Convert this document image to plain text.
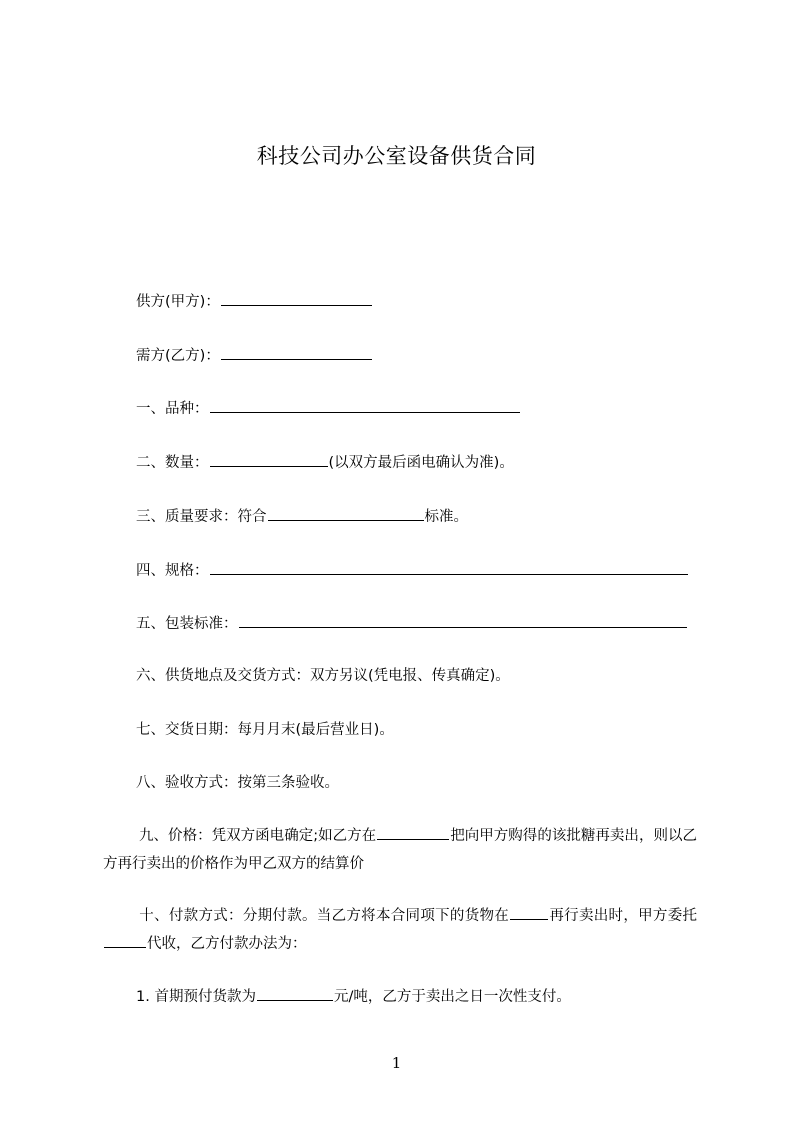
科技公司办公室设备供货合同
供方(甲方)：
需方(乙方)：
一、品种：
二、数量：	(以双方最后函电确认为准)。
三、质量要求：符合	标准。
四、规格：
五、包装标准：
六、供货地点及交货方式：双方另议(凭电报、传真确定)。
七、交货日期：每月月末(最后营业日)。
八、验收方式：按第三条验收。
九、价格：凭双方函电确定;如乙方在	把向甲方购得的该批糖再卖出，则以乙方再行卖出的价格作为甲乙双方的结算价
十、付款方式：分期付款。当乙方将本合同项下的货物在	再行卖出时，甲方委托代收，乙方付款办法为：
1. 首期预付货款为	元/吨，乙方于卖出之日一次性支付。
1
